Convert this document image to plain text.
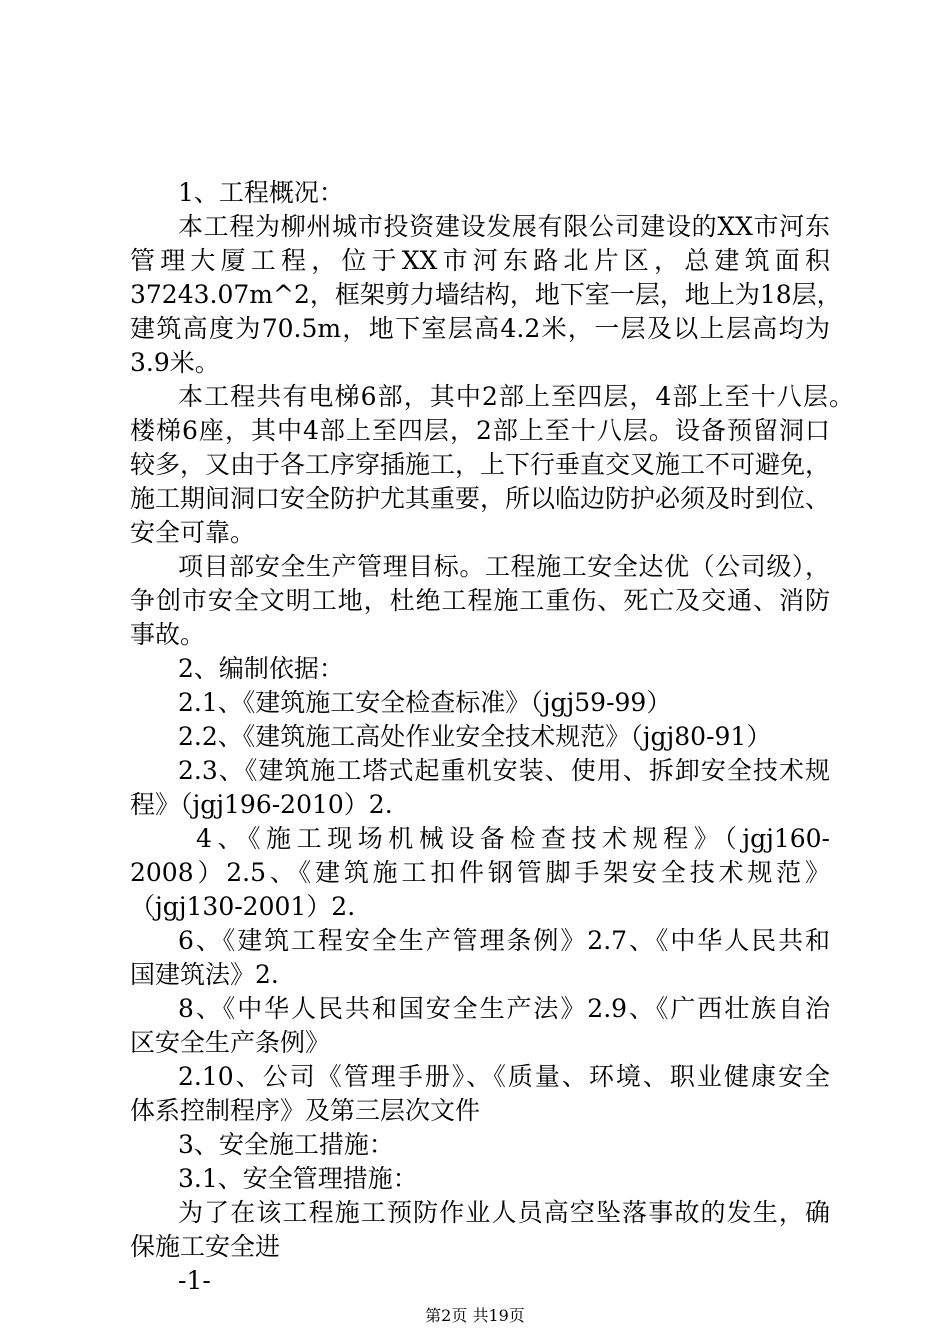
1、工程概况：
本工程为柳州城市投资建设发展有限公司建设的XX市河东
管理大厦工程，位于XX市河东路北片区，总建筑面积
37243.07m^2，框架剪力墙结构，地下室一层，地上为18层，
建筑高度为70.5m，地下室层高4.2米，一层及以上层高均为
3.9米。
本工程共有电梯6部，其中2部上至四层，4部上至十八层。
楼梯6座，其中4部上至四层，2部上至十八层。设备预留洞口
较多，又由于各工序穿插施工，上下行垂直交叉施工不可避免，
施工期间洞口安全防护尤其重要，所以临边防护必须及时到位、
安全可靠。
项目部安全生产管理目标。工程施工安全达优（公司级），
争创市安全文明工地，杜绝工程施工重伤、死亡及交通、消防
事故。
2、编制依据：
2.1、《建筑施工安全检查标准》（jgj59-99）
2.2、《建筑施工高处作业安全技术规范》（jgj80-91）
2.3、《建筑施工塔式起重机安装、使用、拆卸安全技术规
程》（jgj196-2010）2.
4、《施工现场机械设备检查技术规程》（jgj160-
2008）2.5、《建筑施工扣件钢管脚手架安全技术规范》
（jgj130-2001）2.
6、《建筑工程安全生产管理条例》2.7、《中华人民共和
国建筑法》2.
8、《中华人民共和国安全生产法》2.9、《广西壮族自治
区安全生产条例》
2.10、公司《管理手册》、《质量、环境、职业健康安全
体系控制程序》及第三层次文件
3、安全施工措施：
3.1、安全管理措施：
为了在该工程施工预防作业人员高空坠落事故的发生，确
保施工安全进
-1-
第2页 共19页
